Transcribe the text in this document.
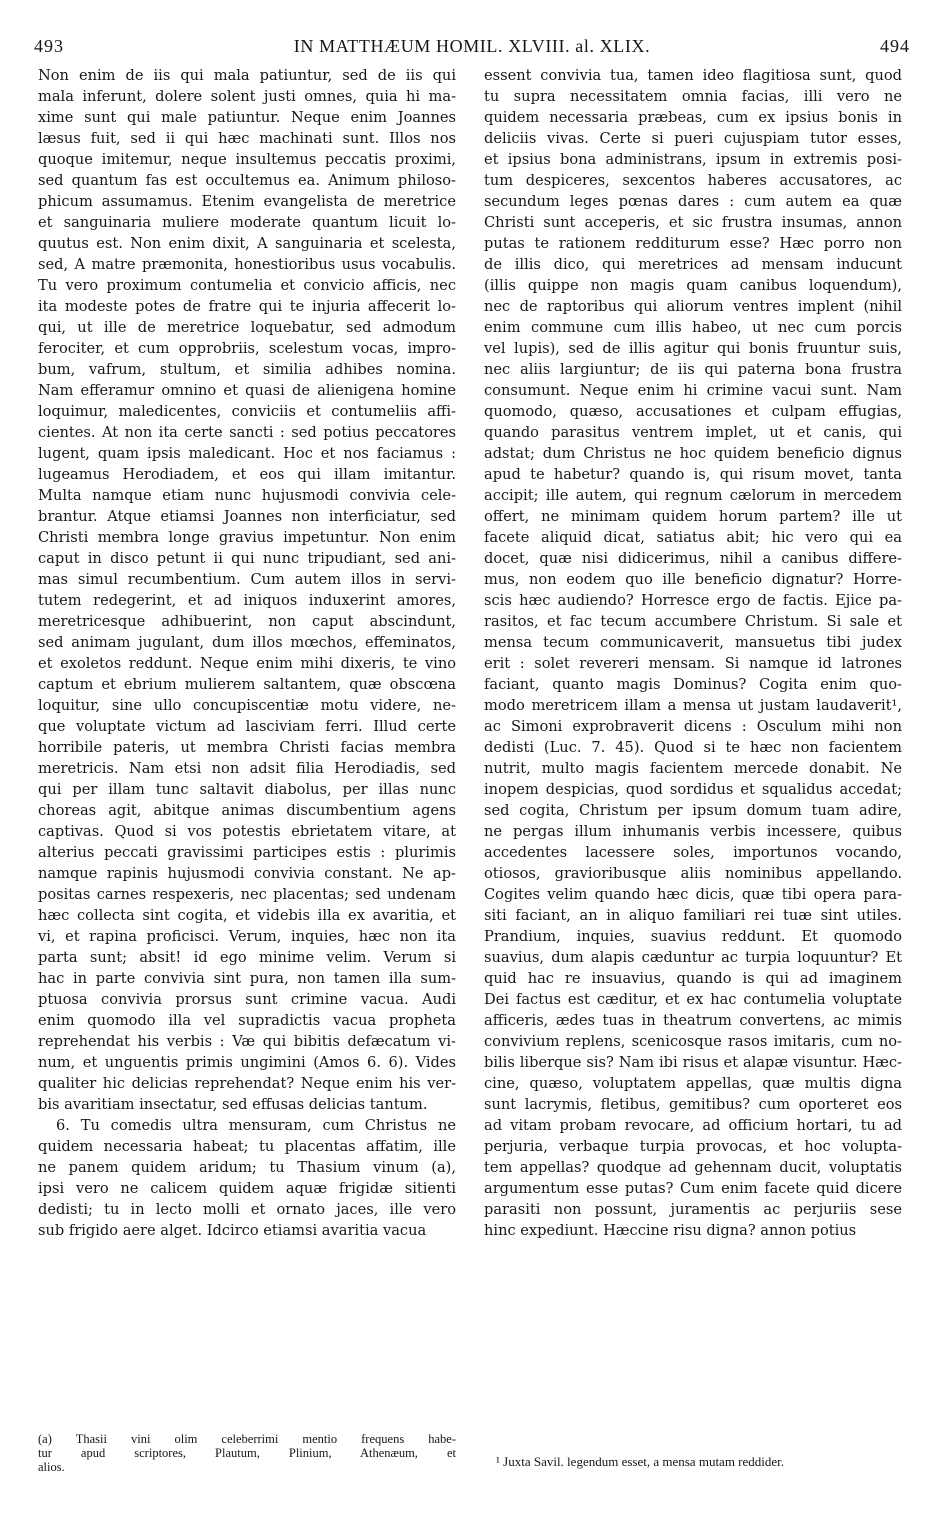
493	IN MATTHÆUM HOMIL. XLVIII. al. XLIX.	494
Non enim de iis qui mala patiuntur, sed de iis qui
mala inferunt, dolere solent justi omnes, quia hi ma-
xime sunt qui male patiuntur. Neque enim Joannes
læsus fuit, sed ii qui hæc machinati sunt. Illos nos
quoque imitemur, neque insultemus peccatis proximi,
sed quantum fas est occultemus ea. Animum philoso-
phicum assumamus. Etenim evangelista de meretrice
et sanguinaria muliere moderate quantum licuit lo-
quutus est. Non enim dixit, A sanguinaria et scelesta,
sed, A matre præmonita, honestioribus usus vocabulis.
Tu vero proximum contumelia et convicio afficis, nec
ita modeste potes de fratre qui te injuria affecerit lo-
qui, ut ille de meretrice loquebatur, sed admodum
ferociter, et cum opprobriis, scelestum vocas, impro-
bum, vafrum, stultum, et similia adhibes nomina.
Nam efferamur omnino et quasi de alienigena homine
loquimur, maledicentes, conviciis et contumeliis affi-
cientes. At non ita certe sancti : sed potius peccatores
lugent, quam ipsis maledicant. Hoc et nos faciamus :
lugeamus Herodiadem, et eos qui illam imitantur.
Multa namque etiam nunc hujusmodi convivia cele-
brantur. Atque etiamsi Joannes non interficiatur, sed
Christi membra longe gravius impetuntur. Non enim
caput in disco petunt ii qui nunc tripudiant, sed ani-
mas simul recumbentium. Cum autem illos in servi-
tutem redegerint, et ad iniquos induxerint amores,
meretricesque adhibuerint, non caput abscindunt,
sed animam jugulant, dum illos mœchos, effeminatos,
et exoletos reddunt. Neque enim mihi dixeris, te vino
captum et ebrium mulierem saltantem, quæ obscœna
loquitur, sine ullo concupiscentiæ motu videre, ne-
que voluptate victum ad lasciviam ferri. Illud certe
horribile pateris, ut membra Christi facias membra
meretricis. Nam etsi non adsit filia Herodiadis, sed
qui per illam tunc saltavit diabolus, per illas nunc
choreas agit, abitque animas discumbentium agens
captivas. Quod si vos potestis ebrietatem vitare, at
alterius peccati gravissimi participes estis : plurimis
namque rapinis hujusmodi convivia constant. Ne ap-
positas carnes respexeris, nec placentas; sed undenam
hæc collecta sint cogita, et videbis illa ex avaritia, et
vi, et rapina proficisci. Verum, inquies, hæc non ita
parta sunt; absit! id ego minime velim. Verum si
hac in parte convivia sint pura, non tamen illa sum-
ptuosa convivia prorsus sunt crimine vacua. Audi
enim quomodo illa vel supradictis vacua propheta
reprehendat his verbis : Væ qui bibitis defæcatum vi-
num, et unguentis primis ungimini (Amos 6. 6). Vides
qualiter hic delicias reprehendat? Neque enim his ver-
bis avaritiam insectatur, sed effusas delicias tantum.
6. Tu comedis ultra mensuram, cum Christus ne
quidem necessaria habeat; tu placentas affatim, ille
ne panem quidem aridum; tu Thasium vinum (a),
ipsi vero ne calicem quidem aquæ frigidæ sitienti
dedisti; tu in lecto molli et ornato jaces, ille vero
sub frigido aere alget. Idcirco etiamsi avaritia vacua
essent convivia tua, tamen ideo flagitiosa sunt, quod
tu supra necessitatem omnia facias, illi vero ne
quidem necessaria præbeas, cum ex ipsius bonis in
deliciis vivas. Certe si pueri cujuspiam tutor esses,
et ipsius bona administrans, ipsum in extremis posi-
tum despiceres, sexcentos haberes accusatores, ac
secundum leges pœnas dares : cum autem ea quæ
Christi sunt acceperis, et sic frustra insumas, annon
putas te rationem redditurum esse? Hæc porro non
de illis dico, qui meretrices ad mensam inducunt
(illis quippe non magis quam canibus loquendum),
nec de raptoribus qui aliorum ventres implent (nihil
enim commune cum illis habeo, ut nec cum porcis
vel lupis), sed de illis agitur qui bonis fruuntur suis,
nec aliis largiuntur; de iis qui paterna bona frustra
consumunt. Neque enim hi crimine vacui sunt. Nam
quomodo, quæso, accusationes et culpam effugias,
quando parasitus ventrem implet, ut et canis, qui
adstat; dum Christus ne hoc quidem beneficio dignus
apud te habetur? quando is, qui risum movet, tanta
accipit; ille autem, qui regnum cælorum in mercedem
offert, ne minimam quidem horum partem? ille ut
facete aliquid dicat, satiatus abit; hic vero qui ea
docet, quæ nisi didicerimus, nihil a canibus differe-
mus, non eodem quo ille beneficio dignatur? Horre-
scis hæc audiendo? Horresce ergo de factis. Ejice pa-
rasitos, et fac tecum accumbere Christum. Si sale et
mensa tecum communicaverit, mansuetus tibi judex
erit : solet revereri mensam. Si namque id latrones
faciant, quanto magis Dominus? Cogita enim quo-
modo meretricem illam a mensa ut justam laudaverit¹,
ac Simoni exprobraverit dicens : Osculum mihi non
dedisti (Luc. 7. 45). Quod si te hæc non facientem
nutrit, multo magis facientem mercede donabit. Ne
inopem despicias, quod sordidus et squalidus accedat;
sed cogita, Christum per ipsum domum tuam adire,
ne pergas illum inhumanis verbis incessere, quibus
accedentes lacessere soles, importunos vocando,
otiosos, gravioribusque aliis nominibus appellando.
Cogites velim quando hæc dicis, quæ tibi opera para-
siti faciant, an in aliquo familiari rei tuæ sint utiles.
Prandium, inquies, suavius reddunt. Et quomodo
suavius, dum alapis cæduntur ac turpia loquuntur? Et
quid hac re insuavius, quando is qui ad imaginem
Dei factus est cæditur, et ex hac contumelia voluptate
afficeris, ædes tuas in theatrum convertens, ac mimis
convivium replens, scenicosque rasos imitaris, cum no-
bilis liberque sis? Nam ibi risus et alapæ visuntur. Hæc-
cine, quæso, voluptatem appellas, quæ multis digna
sunt lacrymis, fletibus, gemitibus? cum oporteret eos
ad vitam probam revocare, ad officium hortari, tu ad
perjuria, verbaque turpia provocas, et hoc volupta-
tem appellas? quodque ad gehennam ducit, voluptatis
argumentum esse putas? Cum enim facete quid dicere
parasiti non possunt, juramentis ac perjuriis sese
hinc expediunt. Hæccine risu digna? annon potius
(a) Thasii vini olim celeberrimi mentio frequens habe-
tur apud scriptores, Plautum, Plinium, Athenæum, et
alios.	¹ Juxta Savil. legendum esset, a mensa mutam reddider.
